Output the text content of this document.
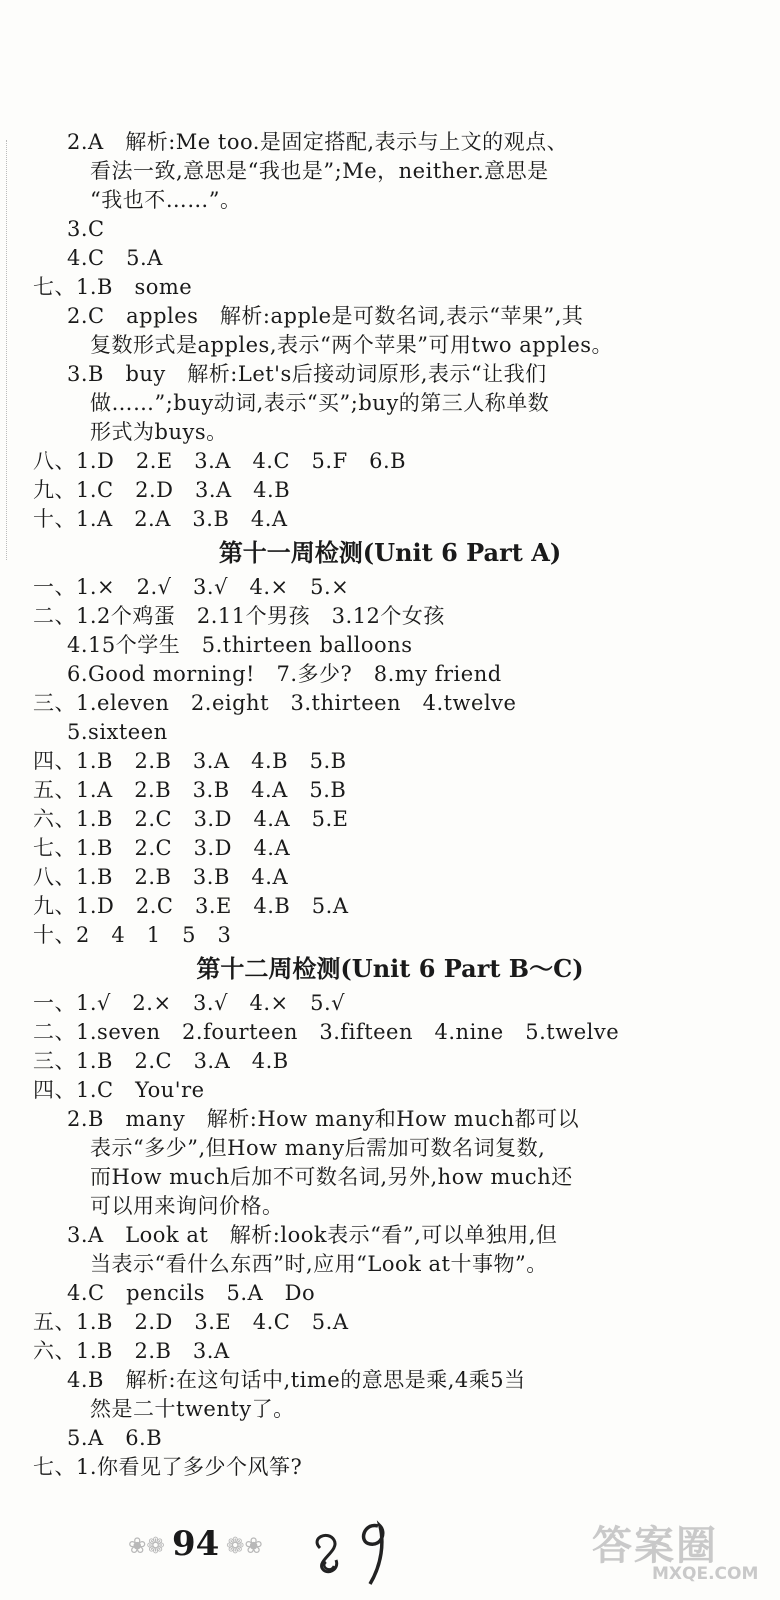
2.A　解析:Me too.是固定搭配,表示与上文的观点、
看法一致,意思是“我也是”;Me，neither.意思是
“我也不……”。
3.C
4.C　5.A
七、1.B　some
2.C　apples　解析:apple是可数名词,表示“苹果”,其
复数形式是apples,表示“两个苹果”可用two apples。
3.B　buy　解析:Let's后接动词原形,表示“让我们
做……”;buy动词,表示“买”;buy的第三人称单数
形式为buys。
八、1.D　2.E　3.A　4.C　5.F　6.B
九、1.C　2.D　3.A　4.B
十、1.A　2.A　3.B　4.A
第十一周检测(Unit 6 Part A)
一、1.×　2.√　3.√　4.×　5.×
二、1.2个鸡蛋　2.11个男孩　3.12个女孩
4.15个学生　5.thirteen balloons
6.Good morning!　7.多少?　8.my friend
三、1.eleven　2.eight　3.thirteen　4.twelve
5.sixteen
四、1.B　2.B　3.A　4.B　5.B
五、1.A　2.B　3.B　4.A　5.B
六、1.B　2.C　3.D　4.A　5.E
七、1.B　2.C　3.D　4.A
八、1.B　2.B　3.B　4.A
九、1.D　2.C　3.E　4.B　5.A
十、2　4　1　5　3
第十二周检测(Unit 6 Part B～C)
一、1.√　2.×　3.√　4.×　5.√
二、1.seven　2.fourteen　3.fifteen　4.nine　5.twelve
三、1.B　2.C　3.A　4.B
四、1.C　You're
2.B　many　解析:How many和How much都可以
表示“多少”,但How many后需加可数名词复数,
而How much后加不可数名词,另外,how much还
可以用来询问价格。
3.A　Look at　解析:look表示“看”,可以单独用,但
当表示“看什么东西”时,应用“Look at十事物”。
4.C　pencils　5.A　Do
五、1.B　2.D　3.E　4.C　5.A
六、1.B　2.B　3.A
4.B　解析:在这句话中,time的意思是乘,4乘5当
然是二十twenty了。
5.A　6.B
七、1.你看见了多少个风筝?
❀❁ 94 ❁❀	答案圈
MXQE.COM
